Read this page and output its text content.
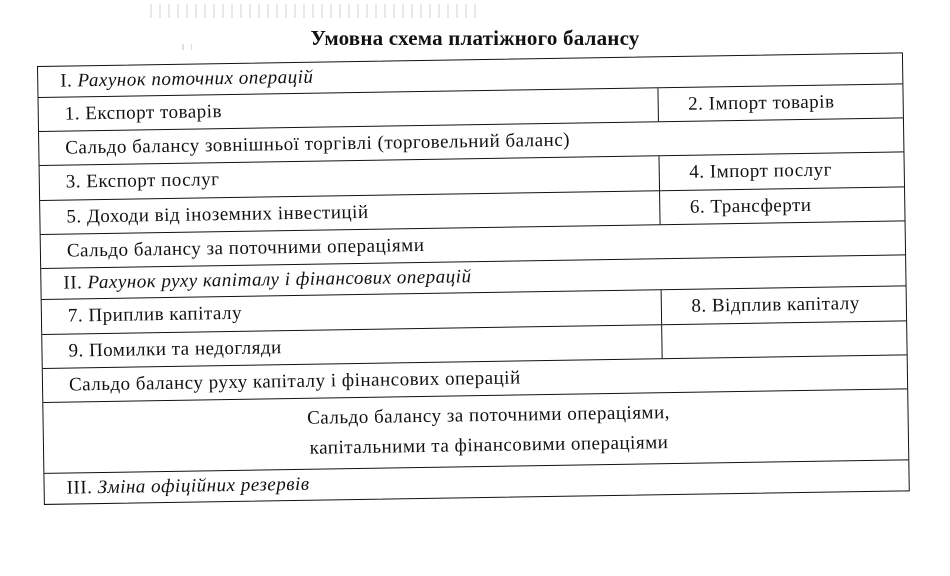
Умовна схема платіжного балансу
I.
Рахунок поточних операцій
1. Експорт товарів	2. Імпорт товарів
Сальдо балансу зовнішньої торгівлі (торговельний баланс)
3. Експорт послуг
5. Доходи від іноземних інвестицій
4. Імпорт послуг
6. Трансферти
Сальдо балансу за поточними операціями
II.
Рахунок руху капіталу і фінансових операцій
7. Приплив капіталу
9. Помилки та недогляди
8. Відплив капіталу
Сальдо балансу руху капіталу і фінансових операцій
Сальдо балансу за поточними операціями,
капітальними та фінансовими операціями
III.
Зміна офіційних резервів
